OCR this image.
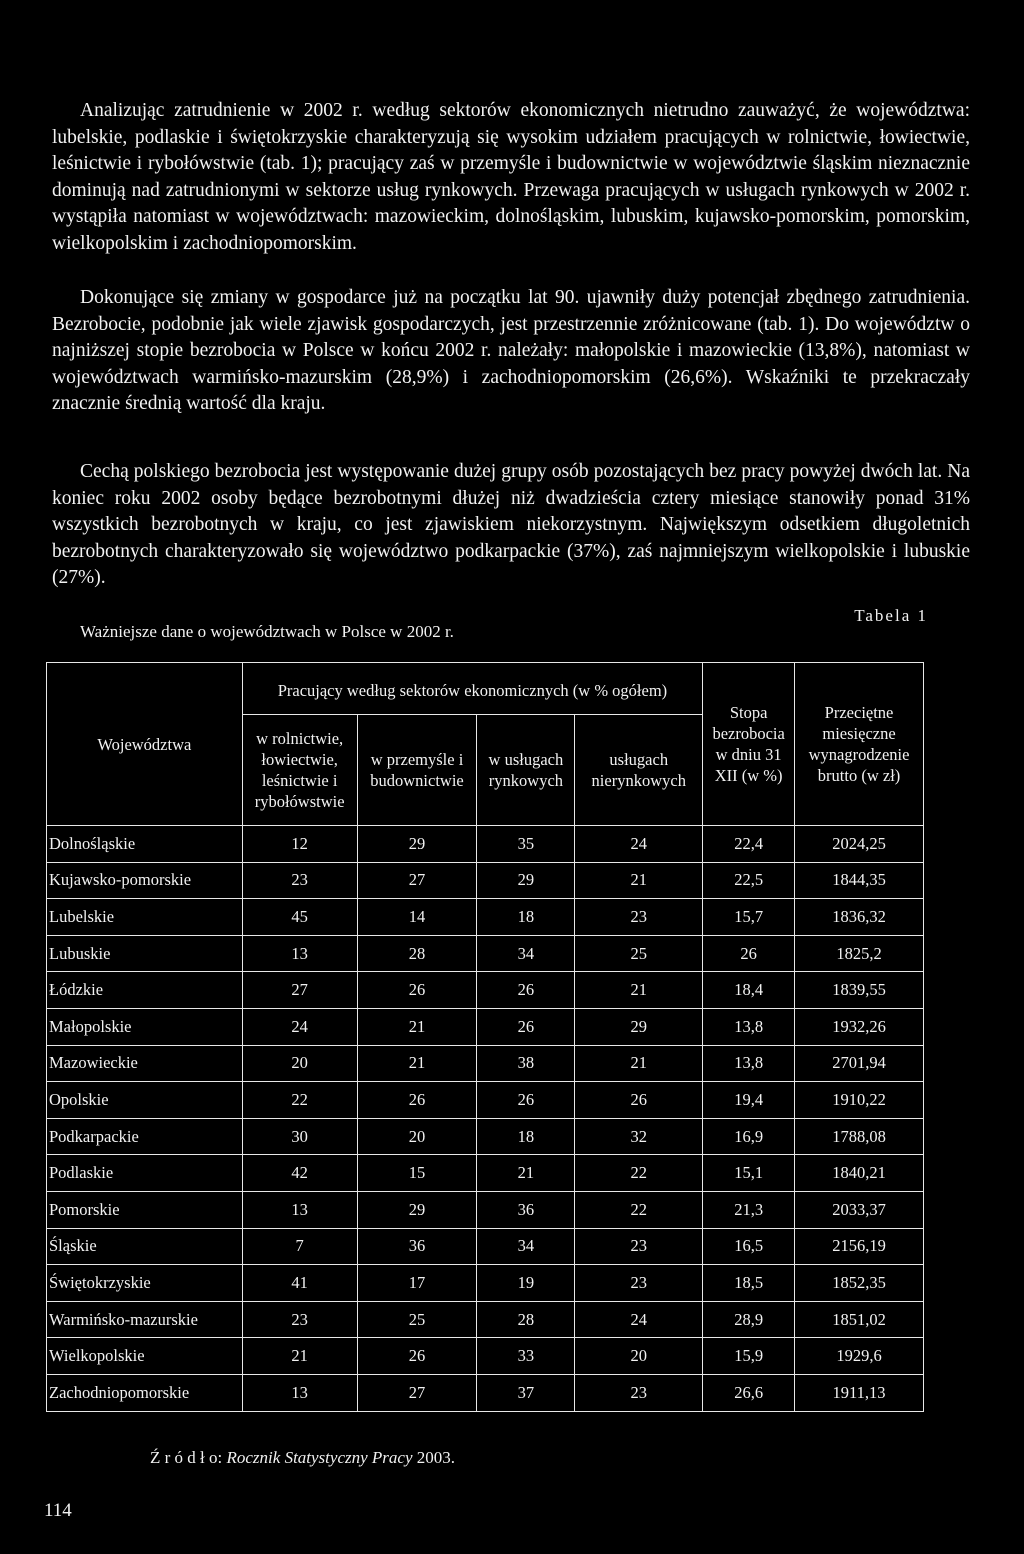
Analizując zatrudnienie w 2002 r. według sektorów ekonomicznych nietrudno zauważyć, że województwa: lubelskie, podlaskie i świętokrzyskie charakteryzują się wysokim udziałem pracujących w rolnictwie, łowiectwie, leśnictwie i rybołówstwie (tab. 1); pracujący zaś w przemyśle i budownictwie w województwie śląskim nieznacznie dominują nad zatrudnionymi w sektorze usług rynkowych. Przewaga pracujących w usługach rynkowych w 2002 r. wystąpiła natomiast w województwach: mazowieckim, dolnośląskim, lubuskim, kujawsko-pomorskim, pomorskim, wielkopolskim i zachodniopomorskim.

Dokonujące się zmiany w gospodarce już na początku lat 90. ujawniły duży potencjał zbędnego zatrudnienia. Bezrobocie, podobnie jak wiele zjawisk gospodarczych, jest przestrzennie zróżnicowane (tab. 1). Do województw o najniższej stopie bezrobocia w Polsce w końcu 2002 r. należały: małopolskie i mazowieckie (13,8%), natomiast w województwach warmińsko-mazurskim (28,9%) i zachodniopomorskim (26,6%). Wskaźniki te przekraczały znacznie średnią wartość dla kraju.

Cechą polskiego bezrobocia jest występowanie dużej grupy osób pozostających bez pracy powyżej dwóch lat. Na koniec roku 2002 osoby będące bezrobotnymi dłużej niż dwadzieścia cztery miesiące stanowiły ponad 31% wszystkich bezrobotnych w kraju, co jest zjawiskiem niekorzystnym. Największym odsetkiem długoletnich bezrobotnych charakteryzowało się województwo podkarpackie (37%), zaś najmniejszym wielkopolskie i lubuskie (27%).

Tabela 1
Ważniejsze dane o województwach w Polsce w 2002 r.
Województwa	Pracujący według sektorów ekonomicznych (w % ogółem)				Stopa bezrobocia w dniu 31 XII (w %)	Przeciętne miesięczne wynagrodzenie brutto (w zł)
	w rolnictwie, łowiectwie, leśnictwie i rybołówstwie	w przemyśle i budownictwie	w usługach rynkowych	usługach nierynkowych		
Dolnośląskie	12	29	35	24	22,4	2024,25
Kujawsko-pomorskie	23	27	29	21	22,5	1844,35
Lubelskie	45	14	18	23	15,7	1836,32
Lubuskie	13	28	34	25	26	1825,2
Łódzkie	27	26	26	21	18,4	1839,55
Małopolskie	24	21	26	29	13,8	1932,26
Mazowieckie	20	21	38	21	13,8	2701,94
Opolskie	22	26	26	26	19,4	1910,22
Podkarpackie	30	20	18	32	16,9	1788,08
Podlaskie	42	15	21	22	15,1	1840,21
Pomorskie	13	29	36	22	21,3	2033,37
Śląskie	7	36	34	23	16,5	2156,19
Świętokrzyskie	41	17	19	23	18,5	1852,35
Warmińsko-mazurskie	23	25	28	24	28,9	1851,02
Wielkopolskie	21	26	33	20	15,9	1929,6
Zachodniopomorskie	13	27	37	23	26,6	1911,13
Ź r ó d ł o: Rocznik Statystyczny Pracy 2003.
114
